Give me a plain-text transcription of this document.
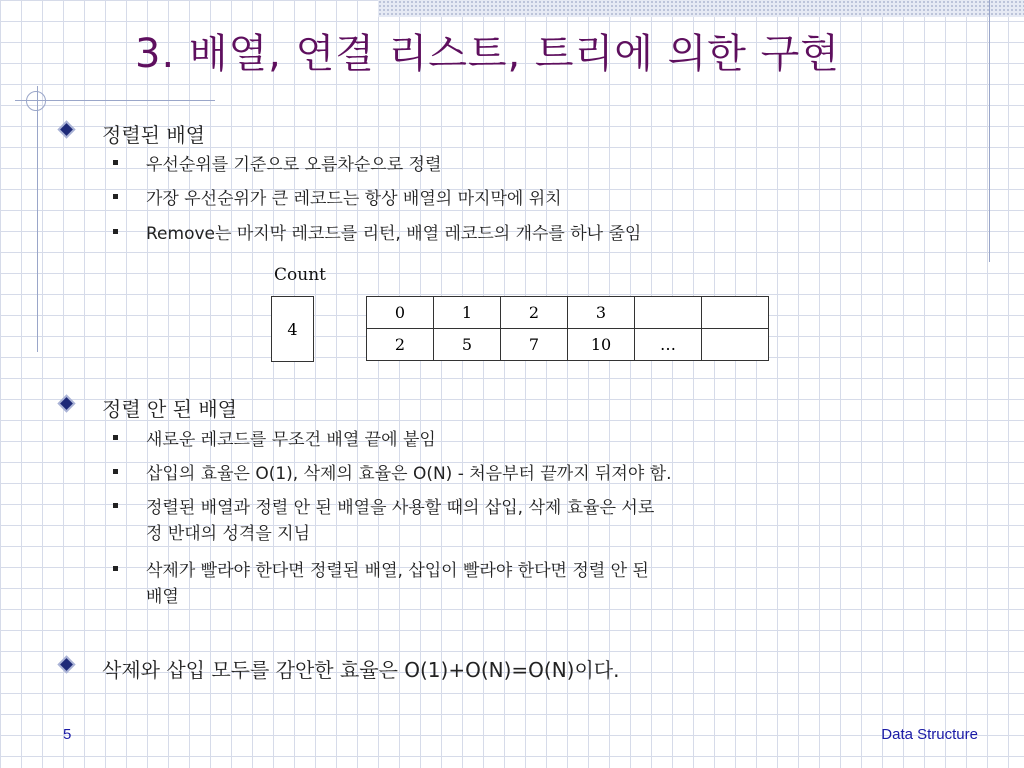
3. 배열, 연결 리스트, 트리에 의한 구현
정렬된 배열
우선순위를 기준으로 오름차순으로 정렬
가장 우선순위가 큰 레코드는 항상 배열의 마지막에 위치
Remove는 마지막 레코드를 리턴, 배열 레코드의 개수를 하나 줄임
Count
4
0	1	2	3		
2	5	7	10	…	
정렬 안 된 배열
새로운 레코드를 무조건 배열 끝에 붙임
삽입의 효율은 O(1), 삭제의 효율은 O(N) - 처음부터 끝까지 뒤져야 함.
정렬된 배열과 정렬 안 된 배열을 사용할 때의 삽입, 삭제 효율은 서로
정 반대의 성격을 지님
삭제가 빨라야 한다면 정렬된 배열, 삽입이 빨라야 한다면 정렬 안 된
배열
삭제와 삽입 모두를 감안한 효율은 O(1)+O(N)=O(N)이다.
5	Data Structure
